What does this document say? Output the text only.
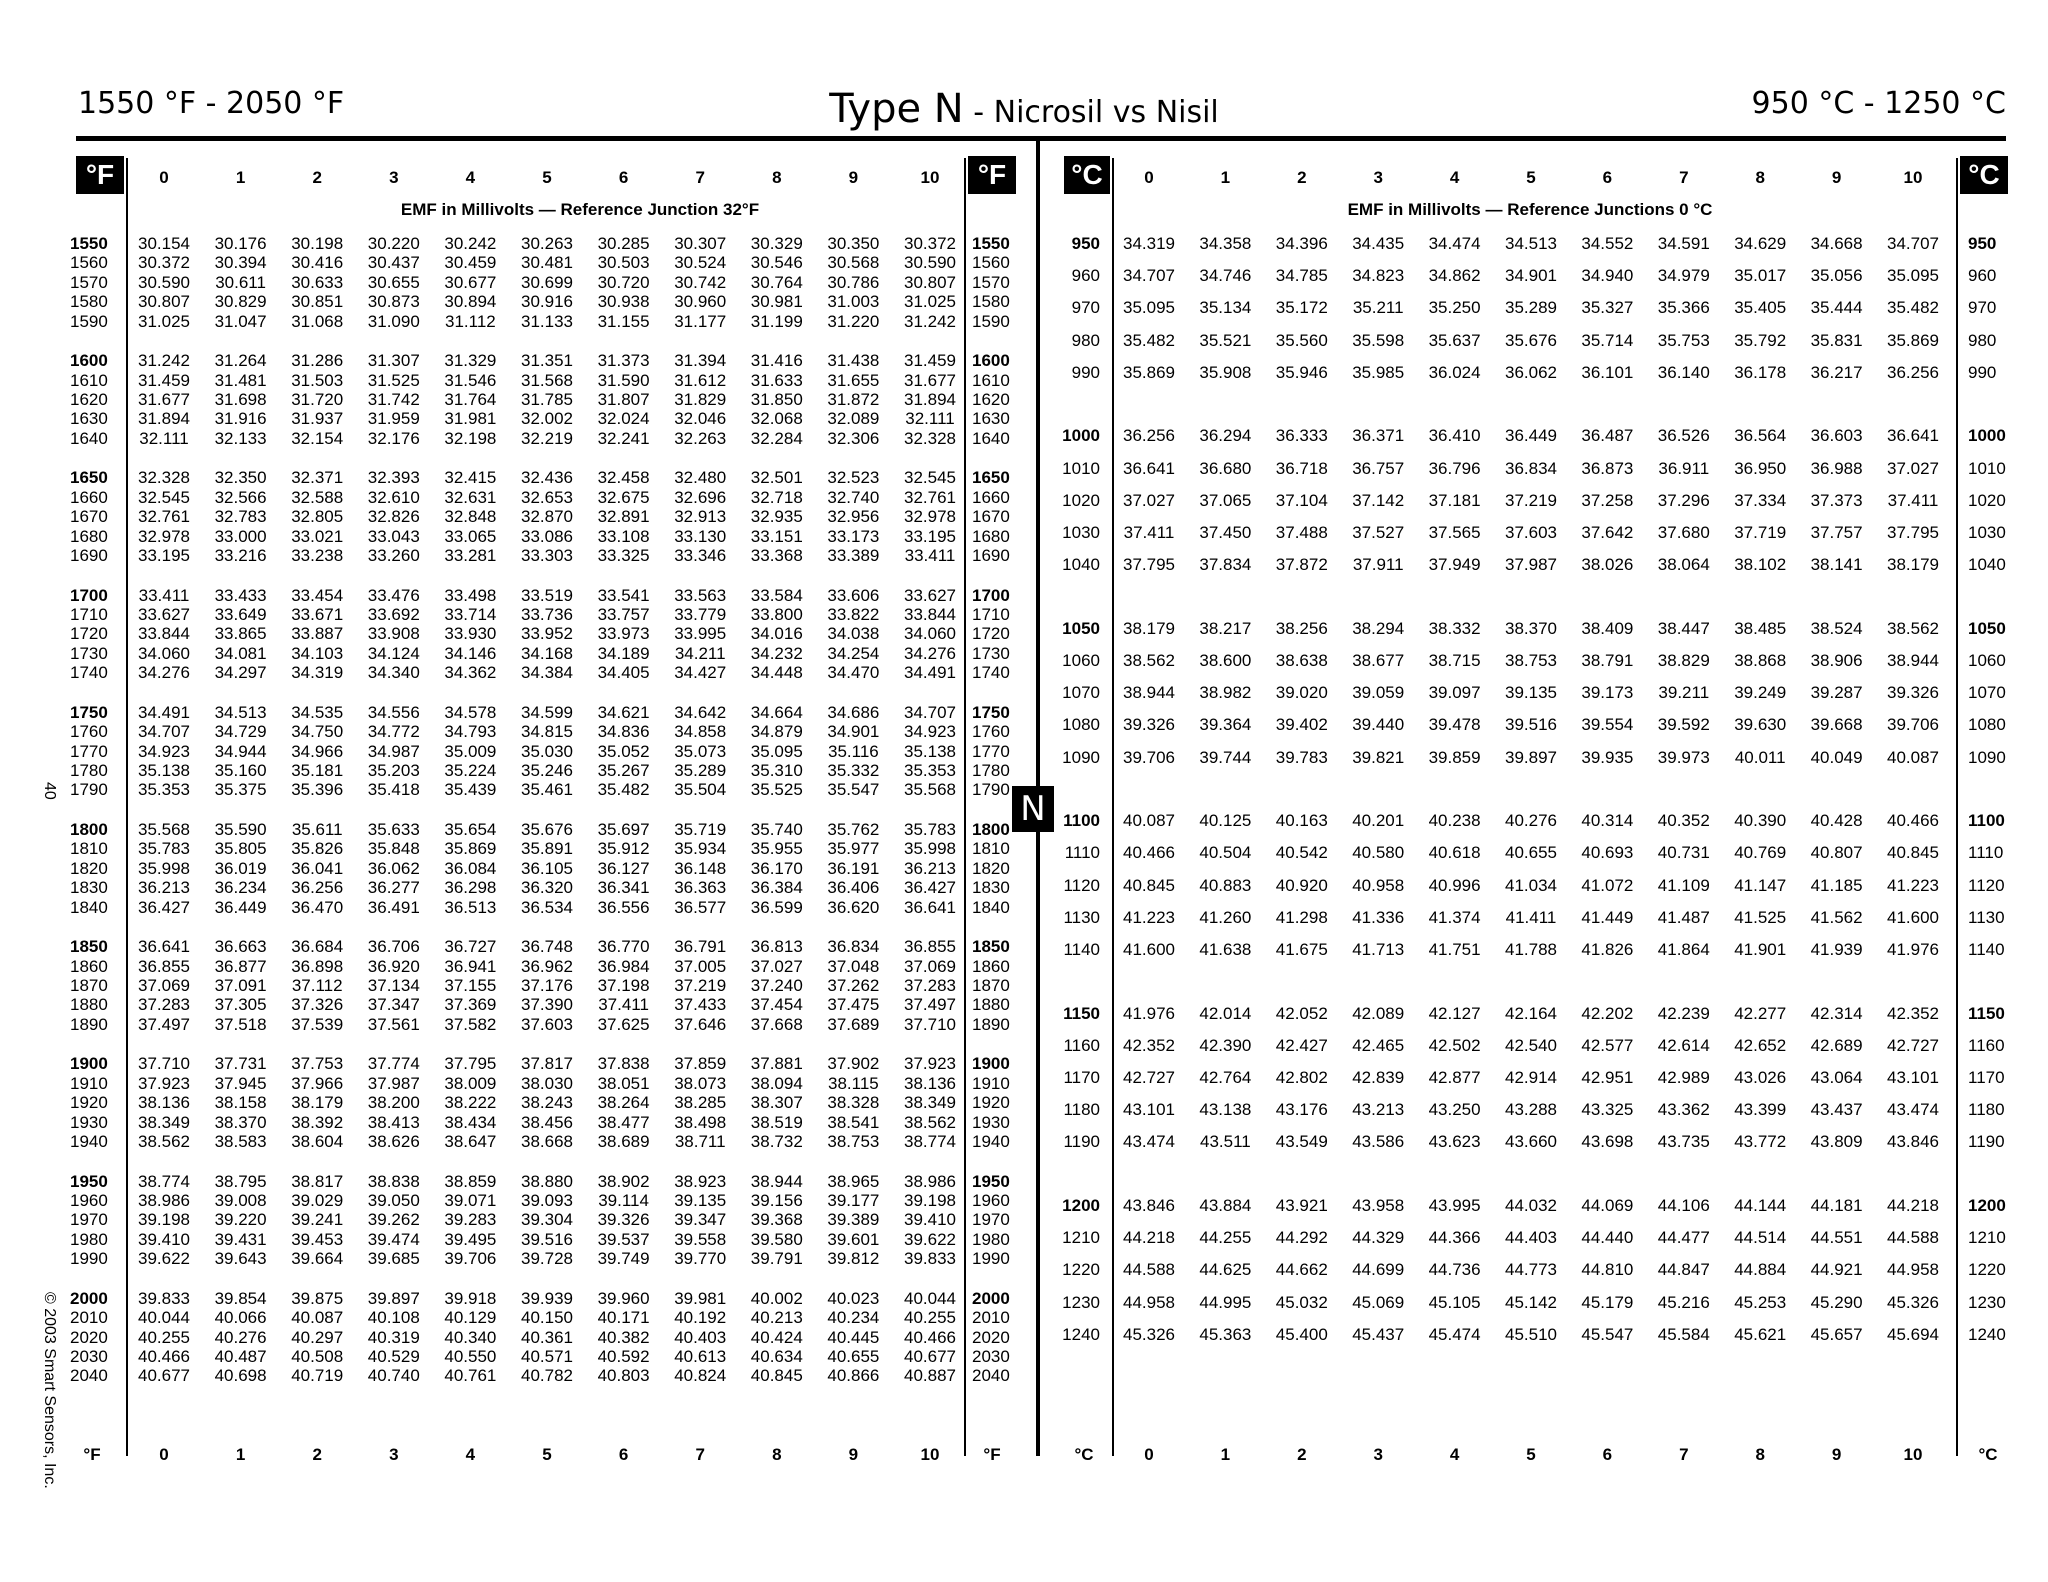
1550 °F - 2050 °F	Type N - Nicrosil vs Nisil	950 °C - 1250 °C
°F	°F	°C	°C
N
40
© 2003 Smart Sensors, Inc.
0	1	2	3	4	5	6	7	8	9	10
EMF in Millivolts — Reference Junction 32°F
1550	30.154	30.176	30.198	30.220	30.242	30.263	30.285	30.307	30.329	30.350	30.372 1550
1560	30.372	30.394	30.416	30.437	30.459	30.481	30.503	30.524	30.546	30.568	30.590 1560
1570	30.590	30.611	30.633	30.655	30.677	30.699	30.720	30.742	30.764	30.786	30.807 1570
1580	30.807	30.829	30.851	30.873	30.894	30.916	30.938	30.960	30.981	31.003	31.025 1580
1590	31.025	31.047	31.068	31.090	31.112	31.133	31.155	31.177	31.199	31.220	31.242 1590
1600	31.242	31.264	31.286	31.307	31.329	31.351	31.373	31.394	31.416	31.438	31.459 1600
1610	31.459	31.481	31.503	31.525	31.546	31.568	31.590	31.612	31.633	31.655	31.677 1610
1620	31.677	31.698	31.720	31.742	31.764	31.785	31.807	31.829	31.850	31.872	31.894 1620
1630	31.894	31.916	31.937	31.959	31.981	32.002	32.024	32.046	32.068	32.089	32.111	1630
1640	32.111	32.133	32.154	32.176	32.198	32.219	32.241	32.263	32.284	32.306	32.328 1640
1650	32.328	32.350	32.371	32.393	32.415	32.436	32.458	32.480	32.501	32.523	32.545 1650
1660	32.545	32.566	32.588	32.610	32.631	32.653	32.675	32.696	32.718	32.740	32.761 1660
1670	32.761	32.783	32.805	32.826	32.848	32.870	32.891	32.913	32.935	32.956	32.978 1670
1680	32.978	33.000	33.021	33.043	33.065	33.086	33.108	33.130	33.151	33.173	33.195 1680
1690	33.195	33.216	33.238	33.260	33.281	33.303	33.325	33.346	33.368	33.389	33.411 1690
1700	33.411	33.433	33.454	33.476	33.498	33.519	33.541	33.563	33.584	33.606	33.627 1700
1710	33.627	33.649	33.671	33.692	33.714	33.736	33.757	33.779	33.800	33.822	33.844 1710
1720	33.844	33.865	33.887	33.908	33.930	33.952	33.973	33.995	34.016	34.038	34.060 1720
1730	34.060	34.081	34.103	34.124	34.146	34.168	34.189	34.211	34.232	34.254	34.276 1730
1740	34.276	34.297	34.319	34.340	34.362	34.384	34.405	34.427	34.448	34.470	34.491 1740
1750	34.491	34.513	34.535	34.556	34.578	34.599	34.621	34.642	34.664	34.686	34.707 1750
1760	34.707	34.729	34.750	34.772	34.793	34.815	34.836	34.858	34.879	34.901	34.923 1760
1770	34.923	34.944	34.966	34.987	35.009	35.030	35.052	35.073	35.095	35.116	35.138 1770
1780	35.138	35.160	35.181	35.203	35.224	35.246	35.267	35.289	35.310	35.332	35.353 1780
1790	35.353	35.375	35.396	35.418	35.439	35.461	35.482	35.504	35.525	35.547	35.568 1790
1800	35.568	35.590	35.611	35.633	35.654	35.676	35.697	35.719	35.740	35.762	35.783 1800
1810	35.783	35.805	35.826	35.848	35.869	35.891	35.912	35.934	35.955	35.977	35.998 1810
1820	35.998	36.019	36.041	36.062	36.084	36.105	36.127	36.148	36.170	36.191	36.213 1820
1830	36.213	36.234	36.256	36.277	36.298	36.320	36.341	36.363	36.384	36.406	36.427 1830
1840	36.427	36.449	36.470	36.491	36.513	36.534	36.556	36.577	36.599	36.620	36.641 1840
1850	36.641	36.663	36.684	36.706	36.727	36.748	36.770	36.791	36.813	36.834	36.855 1850
1860	36.855	36.877	36.898	36.920	36.941	36.962	36.984	37.005	37.027	37.048	37.069 1860
1870	37.069	37.091	37.112	37.134	37.155	37.176	37.198	37.219	37.240	37.262	37.283 1870
1880	37.283	37.305	37.326	37.347	37.369	37.390	37.411	37.433	37.454	37.475	37.497 1880
1890	37.497	37.518	37.539	37.561	37.582	37.603	37.625	37.646	37.668	37.689	37.710 1890
1900	37.710	37.731	37.753	37.774	37.795	37.817	37.838	37.859	37.881	37.902	37.923 1900
1910	37.923	37.945	37.966	37.987	38.009	38.030	38.051	38.073	38.094	38.115	38.136 1910
1920	38.136	38.158	38.179	38.200	38.222	38.243	38.264	38.285	38.307	38.328	38.349 1920
1930	38.349	38.370	38.392	38.413	38.434	38.456	38.477	38.498	38.519	38.541	38.562 1930
1940	38.562	38.583	38.604	38.626	38.647	38.668	38.689	38.711	38.732	38.753	38.774 1940
1950	38.774	38.795	38.817	38.838	38.859	38.880	38.902	38.923	38.944	38.965	38.986 1950
1960	38.986	39.008	39.029	39.050	39.071	39.093	39.114	39.135	39.156	39.177	39.198 1960
1970	39.198	39.220	39.241	39.262	39.283	39.304	39.326	39.347	39.368	39.389	39.410 1970
1980	39.410	39.431	39.453	39.474	39.495	39.516	39.537	39.558	39.580	39.601	39.622 1980
1990	39.622	39.643	39.664	39.685	39.706	39.728	39.749	39.770	39.791	39.812	39.833 1990
2000	39.833	39.854	39.875	39.897	39.918	39.939	39.960	39.981	40.002	40.023	40.044 2000
2010	40.044	40.066	40.087	40.108	40.129	40.150	40.171	40.192	40.213	40.234	40.255 2010
2020	40.255	40.276	40.297	40.319	40.340	40.361	40.382	40.403	40.424	40.445	40.466 2020
2030	40.466	40.487	40.508	40.529	40.550	40.571	40.592	40.613	40.634	40.655	40.677 2030
2040	40.677	40.698	40.719	40.740	40.761	40.782	40.803	40.824	40.845	40.866	40.887 2040
°F	0	1	2	3	4	5	6	7	8	9	10	°F
0	1	2	3	4	5	6	7	8	9	10
EMF in Millivolts — Reference Junctions 0 °C
950	34.319	34.358	34.396	34.435	34.474	34.513	34.552	34.591	34.629	34.668	34.707	950
960	34.707	34.746	34.785	34.823	34.862	34.901	34.940	34.979	35.017	35.056	35.095	960
970	35.095	35.134	35.172	35.211	35.250	35.289	35.327	35.366	35.405	35.444	35.482	970
980	35.482	35.521	35.560	35.598	35.637	35.676	35.714	35.753	35.792	35.831	35.869	980
990	35.869	35.908	35.946	35.985	36.024	36.062	36.101	36.140	36.178	36.217	36.256	990
1000	36.256	36.294	36.333	36.371	36.410	36.449	36.487	36.526	36.564	36.603	36.641	1000
1010	36.641	36.680	36.718	36.757	36.796	36.834	36.873	36.911	36.950	36.988	37.027	1010
1020	37.027	37.065	37.104	37.142	37.181	37.219	37.258	37.296	37.334	37.373	37.411	1020
1030	37.411	37.450	37.488	37.527	37.565	37.603	37.642	37.680	37.719	37.757	37.795	1030
1040	37.795	37.834	37.872	37.911	37.949	37.987	38.026	38.064	38.102	38.141	38.179	1040
1050	38.179	38.217	38.256	38.294	38.332	38.370	38.409	38.447	38.485	38.524	38.562	1050
1060	38.562	38.600	38.638	38.677	38.715	38.753	38.791	38.829	38.868	38.906	38.944	1060
1070	38.944	38.982	39.020	39.059	39.097	39.135	39.173	39.211	39.249	39.287	39.326	1070
1080	39.326	39.364	39.402	39.440	39.478	39.516	39.554	39.592	39.630	39.668	39.706	1080
1090	39.706	39.744	39.783	39.821	39.859	39.897	39.935	39.973	40.011	40.049	40.087	1090
1100	40.087	40.125	40.163	40.201	40.238	40.276	40.314	40.352	40.390	40.428	40.466	1100
1110	40.466	40.504	40.542	40.580	40.618	40.655	40.693	40.731	40.769	40.807	40.845	1110
1120	40.845	40.883	40.920	40.958	40.996	41.034	41.072	41.109	41.147	41.185	41.223	1120
1130	41.223	41.260	41.298	41.336	41.374	41.411	41.449	41.487	41.525	41.562	41.600	1130
1140	41.600	41.638	41.675	41.713	41.751	41.788	41.826	41.864	41.901	41.939	41.976	1140
1150	41.976	42.014	42.052	42.089	42.127	42.164	42.202	42.239	42.277	42.314	42.352	1150
1160	42.352	42.390	42.427	42.465	42.502	42.540	42.577	42.614	42.652	42.689	42.727	1160
1170	42.727	42.764	42.802	42.839	42.877	42.914	42.951	42.989	43.026	43.064	43.101	1170
1180	43.101	43.138	43.176	43.213	43.250	43.288	43.325	43.362	43.399	43.437	43.474	1180
1190	43.474	43.511	43.549	43.586	43.623	43.660	43.698	43.735	43.772	43.809	43.846	1190
1200	43.846	43.884	43.921	43.958	43.995	44.032	44.069	44.106	44.144	44.181	44.218	1200
1210	44.218	44.255	44.292	44.329	44.366	44.403	44.440	44.477	44.514	44.551	44.588	1210
1220	44.588	44.625	44.662	44.699	44.736	44.773	44.810	44.847	44.884	44.921	44.958	1220
1230	44.958	44.995	45.032	45.069	45.105	45.142	45.179	45.216	45.253	45.290	45.326	1230
1240	45.326	45.363	45.400	45.437	45.474	45.510	45.547	45.584	45.621	45.657	45.694	1240
°C	0	1	2	3	4	5	6	7	8	9	10	°C
